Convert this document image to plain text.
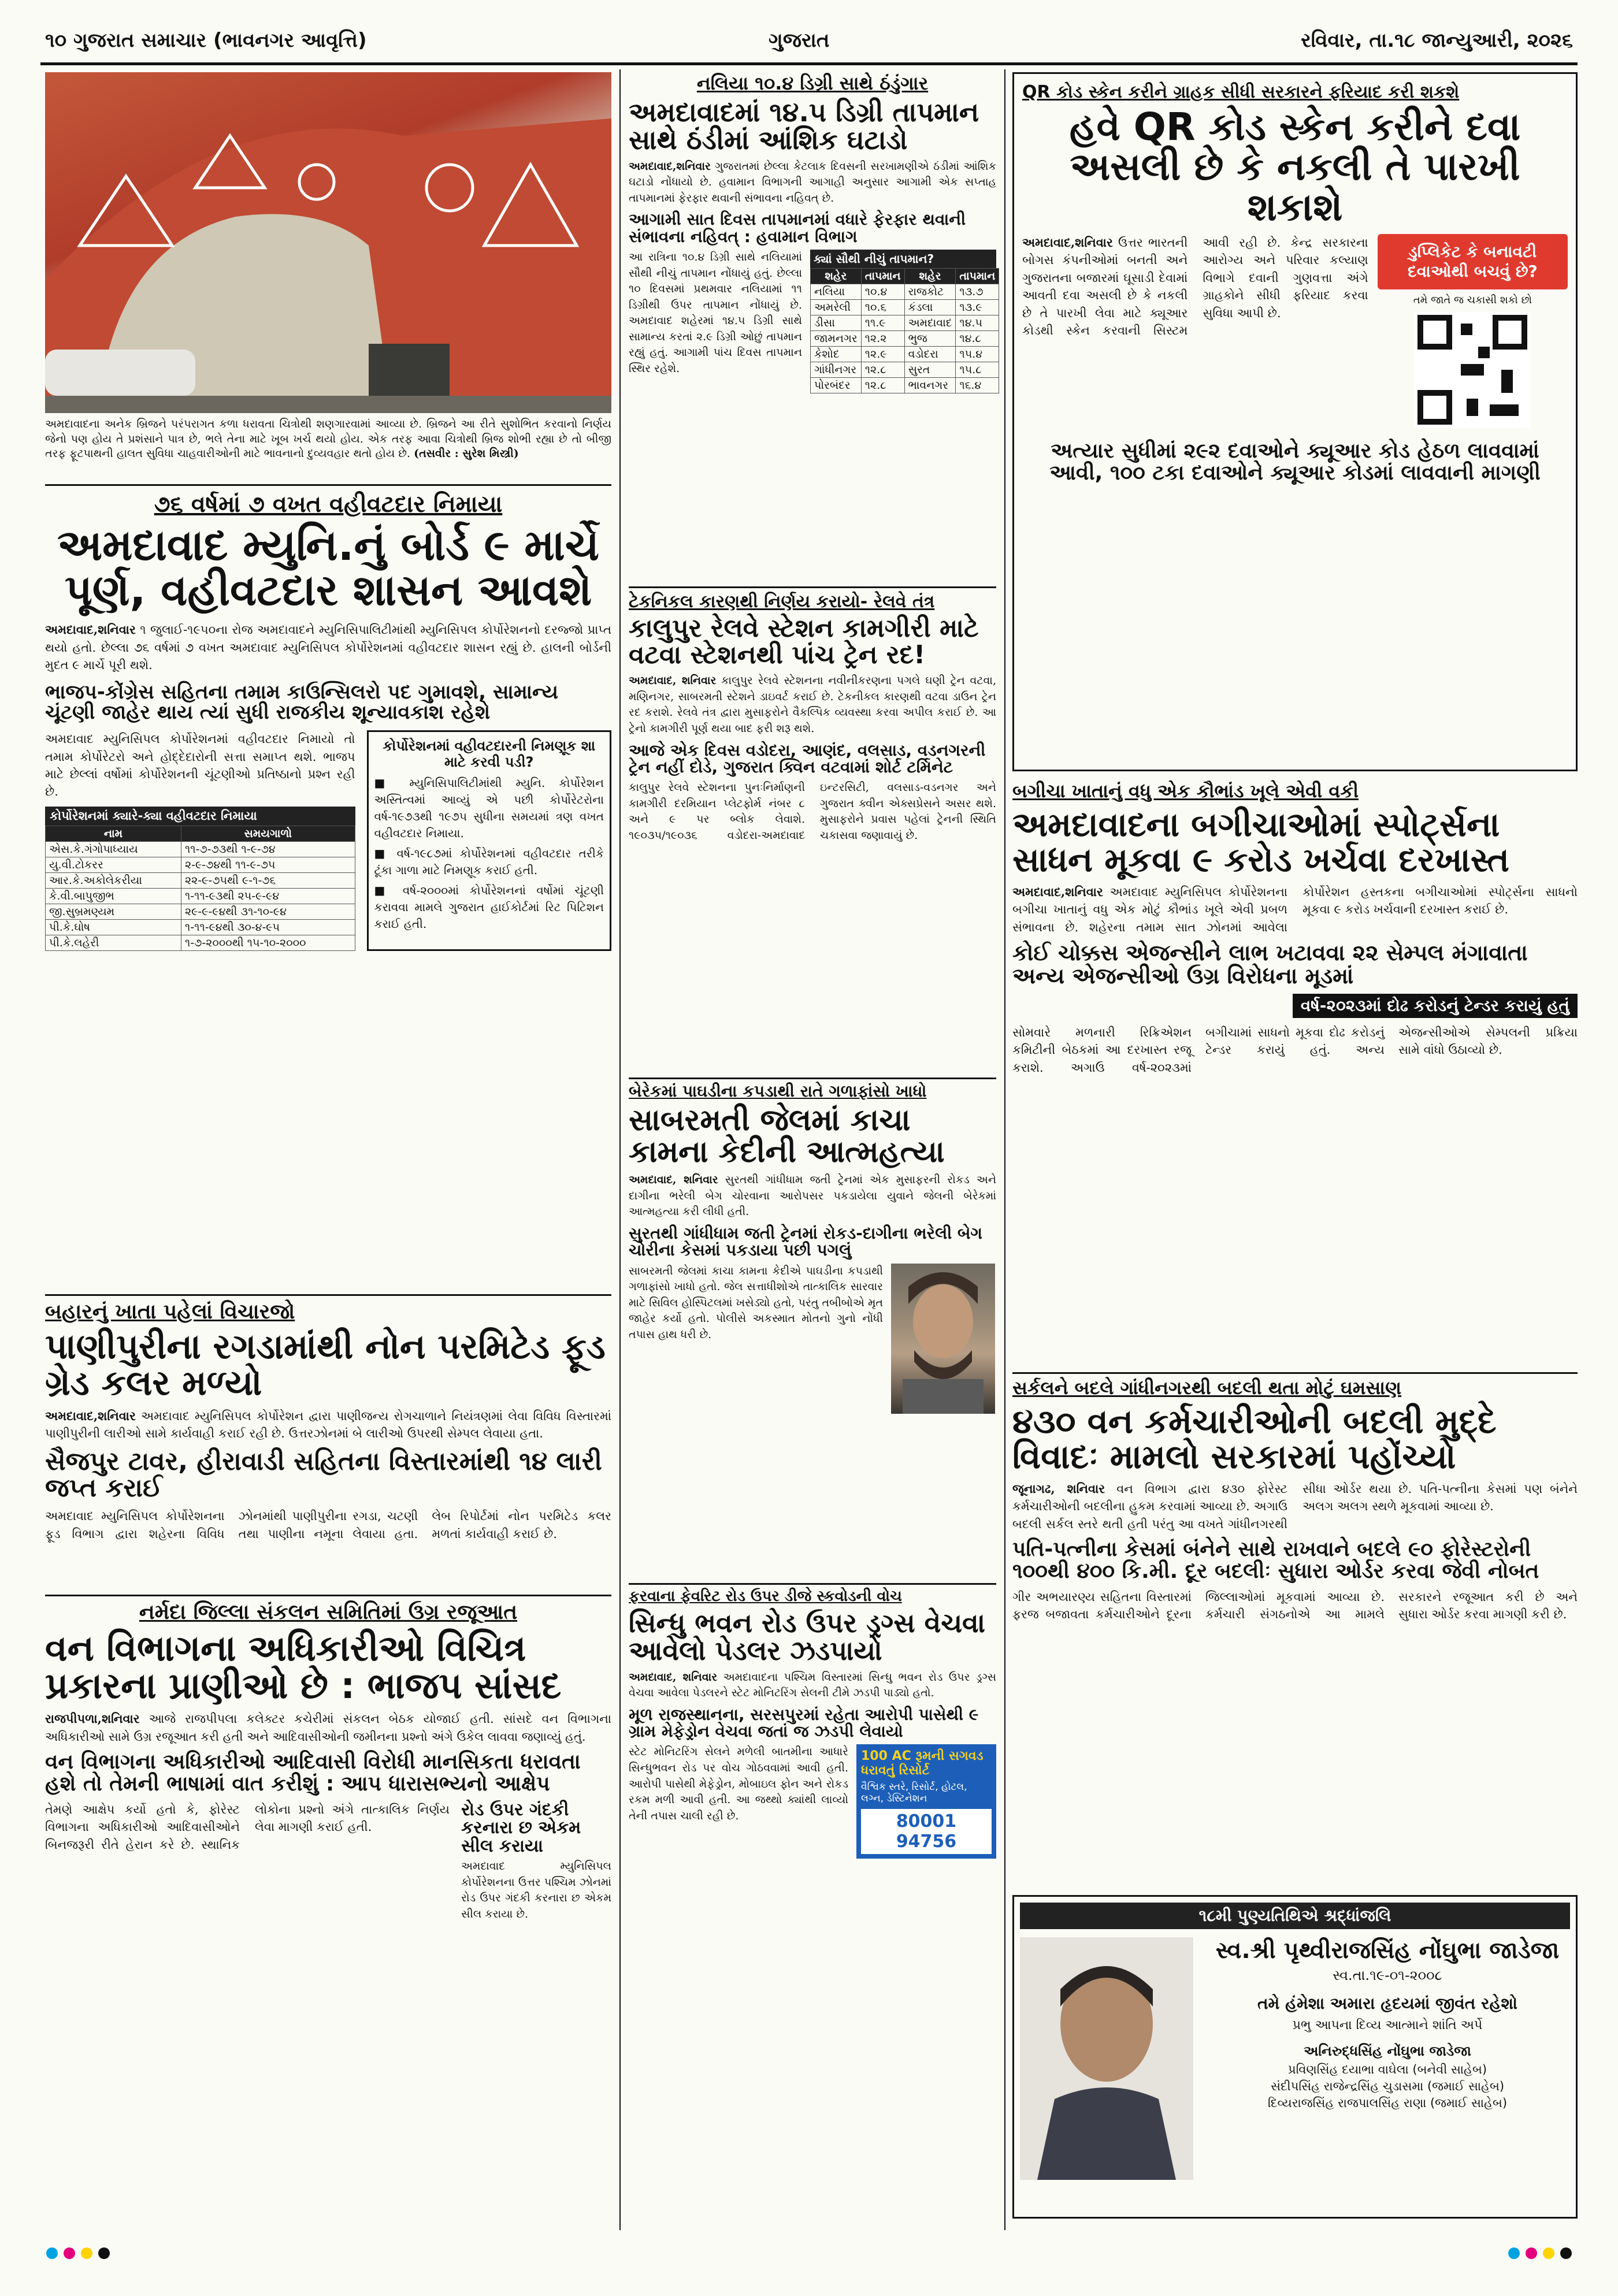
૧૦ ગુજરાત સમાચાર (ભાવનગર આવૃત્તિ)	ગુજરાત	રવિવાર, તા.૧૮ જાન્યુઆરી, ૨૦૨૬
અમદાવાદના અનેક બ્રિજને પરંપરાગત કળા ધરાવતા ચિત્રોથી શણગારવામાં આવ્યા છે. બ્રિજને આ રીતે સુશોભિત કરવાનો નિર્ણય જેનો પણ હોય તે પ્રશંસાને પાત્ર છે, ભલે તેના માટે ખૂબ ખર્ચ થયો હોય. એક તરફ આવા ચિત્રોથી બ્રિજ શોભી રહ્યા છે તો બીજી તરફ ફૂટપાથની હાલત સુવિધા ચાહવારીઓની માટે ભાવનાનો દુવ્યવહાર થતો હોય છે. (તસવીર : સુરેશ મિસ્ત્રી)
૭૬ વર્ષમાં ૭ વખત વહીવટદાર નિમાયા
અમદાવાદ મ્યુનિ.નું બોર્ડ ૯ માર્ચે પૂર્ણ, વહીવટદાર શાસન આવશે
અમદાવાદ,શનિવાર ૧ જુલાઈ-૧૯૫૦ના રોજ અમદાવાદને મ્યુનિસિપાલિટીમાંથી મ્યુનિસિપલ કોર્પોરેશનનો દરજ્જો પ્રાપ્ત થયો હતો. છેલ્લા ૭૬ વર્ષમાં ૭ વખત અમદાવાદ મ્યુનિસિપલ કોર્પોરેશનમાં વહીવટદાર શાસન રહ્યું છે. હાલની બોર્ડની મુદત ૯ માર્ચે પૂરી થશે.
ભાજપ-કોંગ્રેસ સહિતના તમામ કાઉન્સિલરો પદ ગુમાવશે, સામાન્ય ચૂંટણી જાહેર થાય ત્યાં સુધી રાજકીય શૂન્યાવકાશ રહેશે
અમદાવાદ મ્યુનિસિપલ કોર્પોરેશનમાં વહીવટદાર નિમાયો તો તમામ કોર્પોરેટરો અને હોદ્દેદારોની સત્તા સમાપ્ત થશે. ભાજપ માટે છેલ્લાં વર્ષોમાં કોર્પોરેશનની ચૂંટણીઓ પ્રતિષ્ઠાનો પ્રશ્ન રહી છે.
કોર્પોરેશનમાં ક્યારે-ક્યા વહીવટદાર નિમાયા
નામ	સમયગાળો
એસ.કે.ગંગોપાધ્યાય	૧૧-૭-૭૩થી ૧-૯-૭૪
યુ.વી.ટોકરર	૨-૯-૭૪થી ૧૧-૯-૭૫
આર.કે.અકોલેકરીયા	૨૨-૯-૭૫થી ૯-૧-૭૬
કે.વી.બાપુજીભ	૧-૧૧-૯૩થી ૨૫-૯-૯૪
જી.સુબ્રમણ્યમ	૨૯-૯-૯૪થી ૩૧-૧૦-૯૪
પી.કે.ઘોષ	૧-૧૧-૯૪થી ૩૦-૪-૯૫
પી.કે.લહેરી	૧-૭-૨૦૦૦થી ૧૫-૧૦-૨૦૦૦
કોર્પોરેશનમાં વહીવટદારની નિમણૂક શા માટે કરવી પડી?
■ મ્યુનિસિપાલિટીમાંથી મ્યુનિ. કોર્પોરેશન અસ્તિત્વમાં આવ્યું એ પછી કોર્પોરેટરોના વર્ષ-૧૯૭૩થી ૧૯૭૫ સુધીના સમયમાં ત્રણ વખત વહીવટદાર નિમાયા.
■ વર્ષ-૧૯૮૭માં કોર્પોરેશનમાં વહીવટદાર તરીકે ટૂંકા ગાળા માટે નિમણૂક કરાઈ હતી.
■ વર્ષ-૨૦૦૦માં કોર્પોરેશનનાં વર્ષોમાં ચૂંટણી કરાવવા મામલે ગુજરાત હાઈકોર્ટમાં રિટ પિટિશન કરાઈ હતી.
બહારનું ખાતા પહેલાં વિચારજો
પાણીપુરીના રગડામાંથી નોન પરમિટેડ ફૂડ ગ્રેડ કલર મળ્યો
અમદાવાદ,શનિવાર અમદાવાદ મ્યુનિસિપલ કોર્પોરેશન દ્વારા પાણીજન્ય રોગચાળાને નિયંત્રણમાં લેવા વિવિધ વિસ્તારમાં પાણીપુરીની લારીઓ સામે કાર્યવાહી કરાઈ રહી છે. ઉત્તરઝોનમાં બે લારીઓ ઉપરથી સેમ્પલ લેવાયા હતા.
સૈજપુર ટાવર, હીરાવાડી સહિતના વિસ્તારમાંથી ૧૪ લારી જપ્ત કરાઈ
અમદાવાદ મ્યુનિસિપલ કોર્પોરેશનના ફૂડ વિભાગ દ્વારા શહેરના વિવિધ ઝોનમાંથી પાણીપુરીના રગડા, ચટણી તથા પાણીના નમૂના લેવાયા હતા. લેબ રિપોર્ટમાં નોન પરમિટેડ કલર મળતાં કાર્યવાહી કરાઈ છે.
નર્મદા જિલ્લા સંકલન સમિતિમાં ઉગ્ર રજૂઆત
વન વિભાગના અધિકારીઓ વિચિત્ર પ્રકારના પ્રાણીઓ છે : ભાજપ સાંસદ
રાજપીપળા,શનિવાર આજે રાજપીપલા કલેક્ટર કચેરીમાં સંકલન બેઠક યોજાઈ હતી. સાંસદે વન વિભાગના અધિકારીઓ સામે ઉગ્ર રજૂઆત કરી હતી અને આદિવાસીઓની જમીનના પ્રશ્નો અંગે ઉકેલ લાવવા જણાવ્યું હતું.
વન વિભાગના અધિકારીઓ આદિવાસી વિરોધી માનસિકતા ધરાવતા હશે તો તેમની ભાષામાં વાત કરીશું : આપ ધારાસભ્યનો આક્ષેપ
તેમણે આક્ષેપ કર્યો હતો કે, ફોરેસ્ટ વિભાગના અધિકારીઓ આદિવાસીઓને બિનજરૂરી રીતે હેરાન કરે છે. સ્થાનિક લોકોના પ્રશ્નો અંગે તાત્કાલિક નિર્ણય લેવા માગણી કરાઈ હતી.
રોડ ઉપર ગંદકી કરનારા છ એકમ સીલ કરાયા
અમદાવાદ મ્યુનિસિપલ કોર્પોરેશનના ઉત્તર પશ્ચિમ ઝોનમાં રોડ ઉપર ગંદકી કરનારા છ એકમ સીલ કરાયા છે.
નલિયા ૧૦.૪ ડિગ્રી સાથે ઠંડુંગાર
અમદાવાદમાં ૧૪.૫ ડિગ્રી તાપમાન સાથે ઠંડીમાં આંશિક ઘટાડો
અમદાવાદ,શનિવાર ગુજરાતમાં છેલ્લા કેટલાક દિવસની સરખામણીએ ઠંડીમાં આંશિક ઘટાડો નોંધાયો છે. હવામાન વિભાગની આગાહી અનુસાર આગામી એક સપ્તાહ તાપમાનમાં ફેરફાર થવાની સંભાવના નહિવત્ છે.
આગામી સાત દિવસ તાપમાનમાં વધારે ફેરફાર થવાની સંભાવના નહિવત્ : હવામાન વિભાગ
આ રાત્રિના ૧૦.૪ ડિગ્રી સાથે નલિયામાં સૌથી નીચું તાપમાન નોંધાયું હતું. છેલ્લા ૧૦ દિવસમાં પ્રથમવાર નલિયામાં ૧૧ ડિગ્રીથી ઉપર તાપમાન નોંધાયું છે. અમદાવાદ શહેરમાં ૧૪.૫ ડિગ્રી સાથે સામાન્ય કરતાં ૨.૯ ડિગ્રી ઓછું તાપમાન રહ્યું હતું. આગામી પાંચ દિવસ તાપમાન સ્થિર રહેશે.
ક્યાં સૌથી નીચું તાપમાન?
શહેર	તાપમાન	શહેર	તાપમાન
નલિયા	૧૦.૪	રાજકોટ	૧૩.૭
અમરેલી	૧૦.૬	કંડલા	૧૩.૯
ડીસા	૧૧.૯	અમદાવાદ	૧૪.૫
જામનગર	૧૨.૨	ભુજ	૧૪.૮
કેશોદ	૧૨.૯	વડોદરા	૧૫.૪
ગાંધીનગર	૧૨.૮	સુરત	૧૫.૮
પોરબંદર	૧૨.૮	ભાવનગર	૧૬.૪
ટેકનિકલ કારણથી નિર્ણય કરાયો- રેલવે તંત્ર
કાલુપુર રેલવે સ્ટેશન કામગીરી માટે વટવા સ્ટેશનથી પાંચ ટ્રેન રદ!
અમદાવાદ, શનિવાર કાલુપુર રેલવે સ્ટેશનના નવીનીકરણના પગલે ઘણી ટ્રેન વટવા, મણિનગર, સાબરમતી સ્ટેશને ડાઇવર્ટ કરાઈ છે. ટેકનીકલ કારણથી વટવા ડાઉન ટ્રેન રદ કરાશે. રેલવે તંત્ર દ્વારા મુસાફરોને વૈકલ્પિક વ્યવસ્થા કરવા અપીલ કરાઈ છે. આ ટ્રેનો કામગીરી પૂર્ણ થયા બાદ ફરી શરૂ થશે.
આજે એક દિવસ વડોદરા, આણંદ, વલસાડ, વડનગરની ટ્રેન નહીં દોડે, ગુજરાત ક્વિન વટવામાં શોર્ટ ટર્મિનેટ
કાલુપુર રેલવે સ્ટેશનના પુનઃનિર્માણની કામગીરી દરમિયાન પ્લેટફોર્મ નંબર ૮ અને ૯ પર બ્લોક લેવાશે. ૧૯૦૩૫/૧૯૦૩૬ વડોદરા-અમદાવાદ ઇન્ટરસિટી, વલસાડ-વડનગર અને ગુજરાત ક્વીન એક્સપ્રેસને અસર થશે. મુસાફરોને પ્રવાસ પહેલાં ટ્રેનની સ્થિતિ ચકાસવા જણાવાયું છે.
બેરેકમાં પાઘડીના કપડાથી રાતે ગળાફાંસો ખાધો
સાબરમતી જેલમાં કાચા કામના કેદીની આત્મહત્યા
અમદાવાદ, શનિવાર સુરતથી ગાંધીધામ જતી ટ્રેનમાં એક મુસાફરની રોકડ અને દાગીના ભરેલી બેગ ચોરવાના આરોપસર પકડાયેલા યુવાને જેલની બેરેકમાં આત્મહત્યા કરી લીધી હતી.
સુરતથી ગાંધીધામ જતી ટ્રેનમાં રોકડ-દાગીના ભરેલી બેગ ચોરીના કેસમાં પકડાયા પછી પગલું
સાબરમતી જેલમાં કાચા કામના કેદીએ પાઘડીના કપડાથી ગળાફાંસો ખાધો હતો. જેલ સત્તાધીશોએ તાત્કાલિક સારવાર માટે સિવિલ હોસ્પિટલમાં ખસેડ્યો હતો, પરંતુ તબીબોએ મૃત જાહેર કર્યો હતો. પોલીસે અકસ્માત મોતનો ગુનો નોંધી તપાસ હાથ ધરી છે.
ફરવાના ફેવરિટ રોડ ઉપર ડીજે સ્કવોડની વોચ
સિન્ધુ ભવન રોડ ઉપર ડ્રગ્સ વેચવા આવેલો પેડલર ઝડપાયો
અમદાવાદ, શનિવાર અમદાવાદના પશ્ચિમ વિસ્તારમાં સિન્ધુ ભવન રોડ ઉપર ડ્રગ્સ વેચવા આવેલા પેડલરને સ્ટેટ મોનિટરિંગ સેલની ટીમે ઝડપી પાડ્યો હતો.
મૂળ રાજસ્થાનના, સરસપુરમાં રહેતા આરોપી પાસેથી ૯ ગ્રામ મેફેડ્રોન વેચવા જતાં જ ઝડપી લેવાયો
સ્ટેટ મોનિટરિંગ સેલને મળેલી બાતમીના આધારે સિન્ધુભવન રોડ પર વોચ ગોઠવવામાં આવી હતી. આરોપી પાસેથી મેફેડ્રોન, મોબાઇલ ફોન અને રોકડ રકમ મળી આવી હતી. આ જથ્થો ક્યાંથી લાવ્યો તેની તપાસ ચાલી રહી છે.
100 AC રૂમની સગવડ ધરાવતું રિસોર્ટ
વૈશ્વિક સ્તરે, રિસોર્ટ, હોટલ, લગ્ન, ડેસ્ટિનેશન
80001 94756
QR કોડ સ્કેન કરીને ગ્રાહક સીધી સરકારને ફરિયાદ કરી શકશે
હવે QR કોડ સ્કેન કરીને દવા અસલી છે કે નકલી તે પારખી શકાશે
અમદાવાદ,શનિવાર ઉત્તર ભારતની બોગસ કંપનીઓમાં બનતી અને ગુજરાતના બજારમાં ઘૂસાડી દેવામાં આવતી દવા અસલી છે કે નકલી છે તે પારખી લેવા માટે ક્યૂઆર કોડથી સ્કેન કરવાની સિસ્ટમ આવી રહી છે. કેન્દ્ર સરકારના આરોગ્ય અને પરિવાર કલ્યાણ વિભાગે દવાની ગુણવત્તા અંગે ગ્રાહકોને સીધી ફરિયાદ કરવા સુવિધા આપી છે.
ડુપ્લિકેટ કે બનાવટી દવાઓથી બચવું છે?
તમે જાતે જ ચકાસી શકો છો
અત્યાર સુધીમાં ૨૯૨ દવાઓને ક્યૂઆર કોડ હેઠળ લાવવામાં આવી, ૧૦૦ ટકા દવાઓને ક્યૂઆર કોડમાં લાવવાની માગણી
બગીચા ખાતાનું વધુ એક કૌભાંડ ખૂલે એવી વકી
અમદાવાદના બગીચાઓમાં સ્પોર્ટ્સના સાધન મૂકવા ૯ કરોડ ખર્ચવા દરખાસ્ત
અમદાવાદ,શનિવાર અમદાવાદ મ્યુનિસિપલ કોર્પોરેશનના બગીચા ખાતાનું વધુ એક મોટું કૌભાંડ ખૂલે એવી પ્રબળ સંભાવના છે. શહેરના તમામ સાત ઝોનમાં આવેલા કોર્પોરેશન હસ્તકના બગીચાઓમાં સ્પોર્ટ્સના સાધનો મૂકવા ૯ કરોડ ખર્ચવાની દરખાસ્ત કરાઈ છે.
કોઈ ચોક્કસ એજન્સીને લાભ ખટાવવા ૨૨ સેમ્પલ મંગાવાતા અન્ય એજન્સીઓ ઉગ્ર વિરોધના મૂડમાં
વર્ષ-૨૦૨૩માં દોઢ કરોડનું ટેન્ડર કરાયું હતું
સોમવારે મળનારી રિક્રિએશન કમિટીની બેઠકમાં આ દરખાસ્ત રજૂ કરાશે. અગાઉ વર્ષ-૨૦૨૩માં બગીચામાં સાધનો મૂકવા દોઢ કરોડનું ટેન્ડર કરાયું હતું. અન્ય એજન્સીઓએ સેમ્પલની પ્રક્રિયા સામે વાંધો ઉઠાવ્યો છે.
સર્કલને બદલે ગાંધીનગરથી બદલી થતા મોટું ઘમસાણ
૪૩૦ વન કર્મચારીઓની બદલી મુદ્દે વિવાદઃ મામલો સરકારમાં પહોંચ્યો
જૂનાગઢ, શનિવાર વન વિભાગ દ્વારા ૪૩૦ ફોરેસ્ટ કર્મચારીઓની બદલીના હુકમ કરવામાં આવ્યા છે. અગાઉ બદલી સર્કલ સ્તરે થતી હતી પરંતુ આ વખતે ગાંધીનગરથી સીધા ઓર્ડર થયા છે. પતિ-પત્નીના કેસમાં પણ બંનેને અલગ અલગ સ્થળે મૂકવામાં આવ્યા છે.
પતિ-પત્નીના કેસમાં બંનેને સાથે રાખવાને બદલે ૯૦ ફોરેસ્ટરોની ૧૦૦થી ૪૦૦ કિ.મી. દૂર બદલીઃ સુધારા ઓર્ડર કરવા જેવી નોબત
ગીર અભયારણ્ય સહિતના વિસ્તારમાં ફરજ બજાવતા કર્મચારીઓને દૂરના જિલ્લાઓમાં મૂકવામાં આવ્યા છે. કર્મચારી સંગઠનોએ આ મામલે સરકારને રજૂઆત કરી છે અને સુધારા ઓર્ડર કરવા માગણી કરી છે.
૧૮મી પુણ્યતિથિએ શ્રદ્ધાંજલિ
સ્વ.શ્રી પૃથ્વીરાજસિંહ નોંઘુભા જાડેજા
સ્વ.તા.૧૯-૦૧-૨૦૦૮
તમે હંમેશા અમારા હૃદયમાં જીવંત રહેશો
પ્રભુ આપના દિવ્ય આત્માને શાંતિ અર્પે
અનિરુદ્ધસિંહ નોંઘુભા જાડેજા
પ્રવિણસિંહ દયાભા વાઘેલા (બનેવી સાહેબ)
સંદીપસિંહ રાજેન્દ્રસિંહ ચુડાસમા (જમાઈ સાહેબ)
દિવ્યરાજસિંહ રાજપાલસિંહ રાણા (જમાઈ સાહેબ)
